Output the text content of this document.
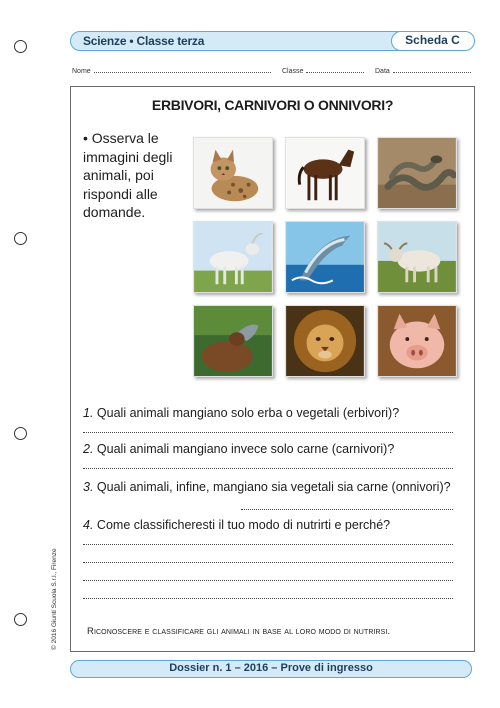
Scienze • Classe terza	Scheda C
Nome	Classe	Data
ERBIVORI, CARNIVORI O ONNIVORI?
• Osserva le immagini degli animali, poi rispondi alle domande.
1. Quali animali mangiano solo erba o vegetali (erbivori)?
2. Quali animali mangiano invece solo carne (carnivori)?
3. Quali animali, infine, mangiano sia vegetali sia carne (onnivori)?
4. Come classificheresti il tuo modo di nutrirti e perché?
Riconoscere e classificare gli animali in base al loro modo di nutrirsi.
© 2016 Giunti Scuola S.r.l., Firenze
Dossier n. 1 – 2016 – Prove di ingresso
